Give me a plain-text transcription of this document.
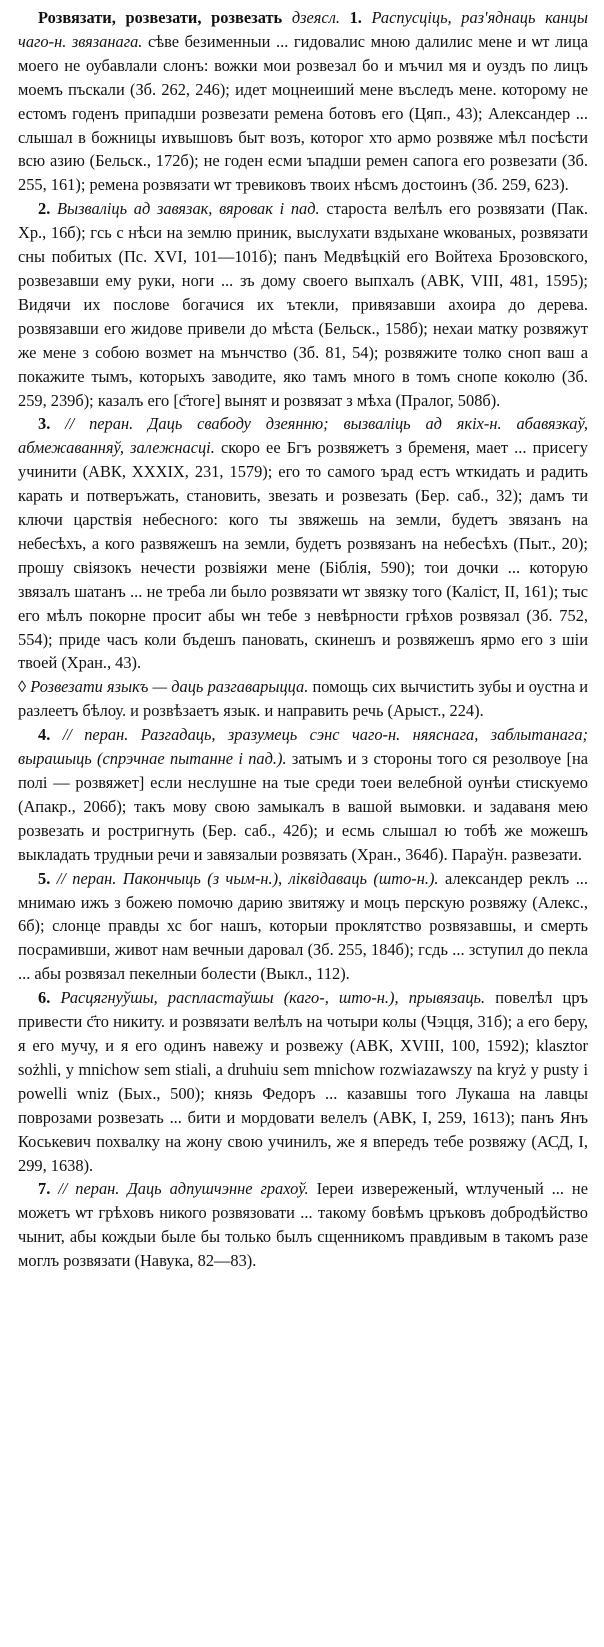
Розвязати, розвезати, розвезать дзеясл. 1. Распусціць, раз'яднаць канцы чаго-н. звязанага. сѣве безименныи ... гидовалис мною далилис мене и ѡт лица моего не оубавлали слонъ: вожки мои розвезал бо и мъчил мя и оуздъ по лицъ моемъ пъскали (Зб. 262, 246); идет моцнеиший мене въследъ мене. которому не естомъ годенъ припадши розвезати ремена ботовъ его (Цяп., 43); Александер ... слышал в божницы иɤвышовъ быт возъ, которог хто армо розвяже мѣл посѣсти всю азию (Бельск., 172б); не годен есми ъпадши ремен сапога его розвезати (Зб. 255, 161); ремена розвязати ѡт тревиковъ твоих нѣсмъ достоинъ (Зб. 259, 623).

2. Вызваліць ад завязак, вяровак і пад. староста велѣлъ его розвязати (Пак. Хр., 16б); гсь с нѣси на землю приник, выслухати вздыхане ѡкованых, розвязати сны побитых (Пс. XVI, 101—101б); панъ Медвѣцкій его Войтеха Брозовского, розвезавши ему руки, ноги ... зъ дому своего выпхалъ (АВК, VIII, 481, 1595); Видячи их послове богачися их ътекли, привязавши ахоира до дерева. розвязавши его жидове привели до мѣста (Бельск., 158б); нехаи матку розвяжут же мене з собою возмет на мънчство (Зб. 81, 54); розвяжите толко сноп ваш а покажите тымъ, которыхъ заводите, яко тамъ много в томъ снопе коколю (Зб. 259, 239б); казалъ его [с҃тоге] вынят и розвязат з мѣха (Пралог, 508б).

3. // перан. Даць свабоду дзеянню; вызваліць ад якіх-н. абавязкаў, абмежаванняў, залежнасці. скоро ее Бгъ розвяжетъ з бременя, мает ... присегу учинити (АВК, XXXIX, 231, 1579); его то самого ърад естъ ѡткидать и радить карать и потверъжать, становить, звезать и розвезать (Бер. саб., 32); дамъ ти ключи царствія небесного: кого ты звяжешь на земли, будетъ звязанъ на небесѣхъ, а кого развяжешъ на земли, будетъ розвязанъ на небесѣхъ (Пыт., 20); прошу свіязокъ нечести розвіяжи мене (Біблія, 590); тои дочки ... которую звязалъ шатанъ ... не треба ли было розвязати ѡт звязку того (Каліст, II, 161); тыс его мѣлъ покорне просит абы ѡн тебе з невѣрности грѣхов розвязал (Зб. 752, 554); приде часъ коли бъдешъ пановать, скинешъ и розвяжешъ ярмо его з шіи твоей (Хран., 43).

◊ Розвезати языкъ — даць разгаварыцца. помощь сих вычистить зубы и оустна и разлеетъ бѣлоу. и розвѣзаетъ язык. и направить речь (Арыст., 224).

4. // перан. Разгадаць, зразумець сэнс чаго-н. няяснага, заблытанага; вырашыць (спрэчнае пытанне і пад.). затымъ и з стороны того ся резолвоуе [на полі — розвяжет] если неслушне на тые среди тоеи велебной оунѣи стискуемо (Апакр., 206б); такъ мову свою замыкалъ в вашой вымовки. и задаваня мею розвезать и ростригнуть (Бер. саб., 42б); и есмь слышал ю тобѣ же можешъ выкладать трудныи речи и завязалыи розвязать (Хран., 364б). Параўн. развезати.

5. // перан. Пакончыць (з чым-н.), ліквідаваць (што-н.). александер реклъ ... мнимаю ижъ з божею помочю дарию звитяжу и моцъ перскую розвяжу (Алекс., 6б); слонце правды хс бог нашъ, которыи проклятство розвязавшы, и смерть посрамивши, живот нам вечныи даровал (Зб. 255, 184б); гсдь ... зступил до пекла ... абы розвязал пекелныи болести (Выкл., 112).

6. Расцягнуўшы, распластаўшы (каго-, што-н.), прывязаць. повелѣл цръ привести с҃то никиту. и розвязати велѣлъ на чотыри колы (Чэцця, 31б); а его беру, я его мучу, и я его одинъ навежу и розвежу (АВК, XVIII, 100, 1592); klasztor sożhli, y mnichow sem stiali, a druhuiu sem mnichow rozwiazawszy na kryż y pusty i powelli wniz (Бых., 500); князь Федоръ ... казавшы того Лукаша на лавцы поврозами розвезать ... бити и мордовати велелъ (АВК, I, 259, 1613); панъ Янъ Коськевич похвалку на жону свою учинилъ, же я впередъ тебе розвяжу (АСД, I, 299, 1638).

7. // перан. Даць адпушчэнне грахоў. Iереи извереженый, ѡтлученый ... не можетъ ѡт грѣховъ никого розвязовати ... такому бовѣмъ цръковъ добродѣйство чынит, абы кождыи быле бы только былъ сщенникомъ правдивым в такомъ разе моглъ розвязати (Навука, 82—83).
